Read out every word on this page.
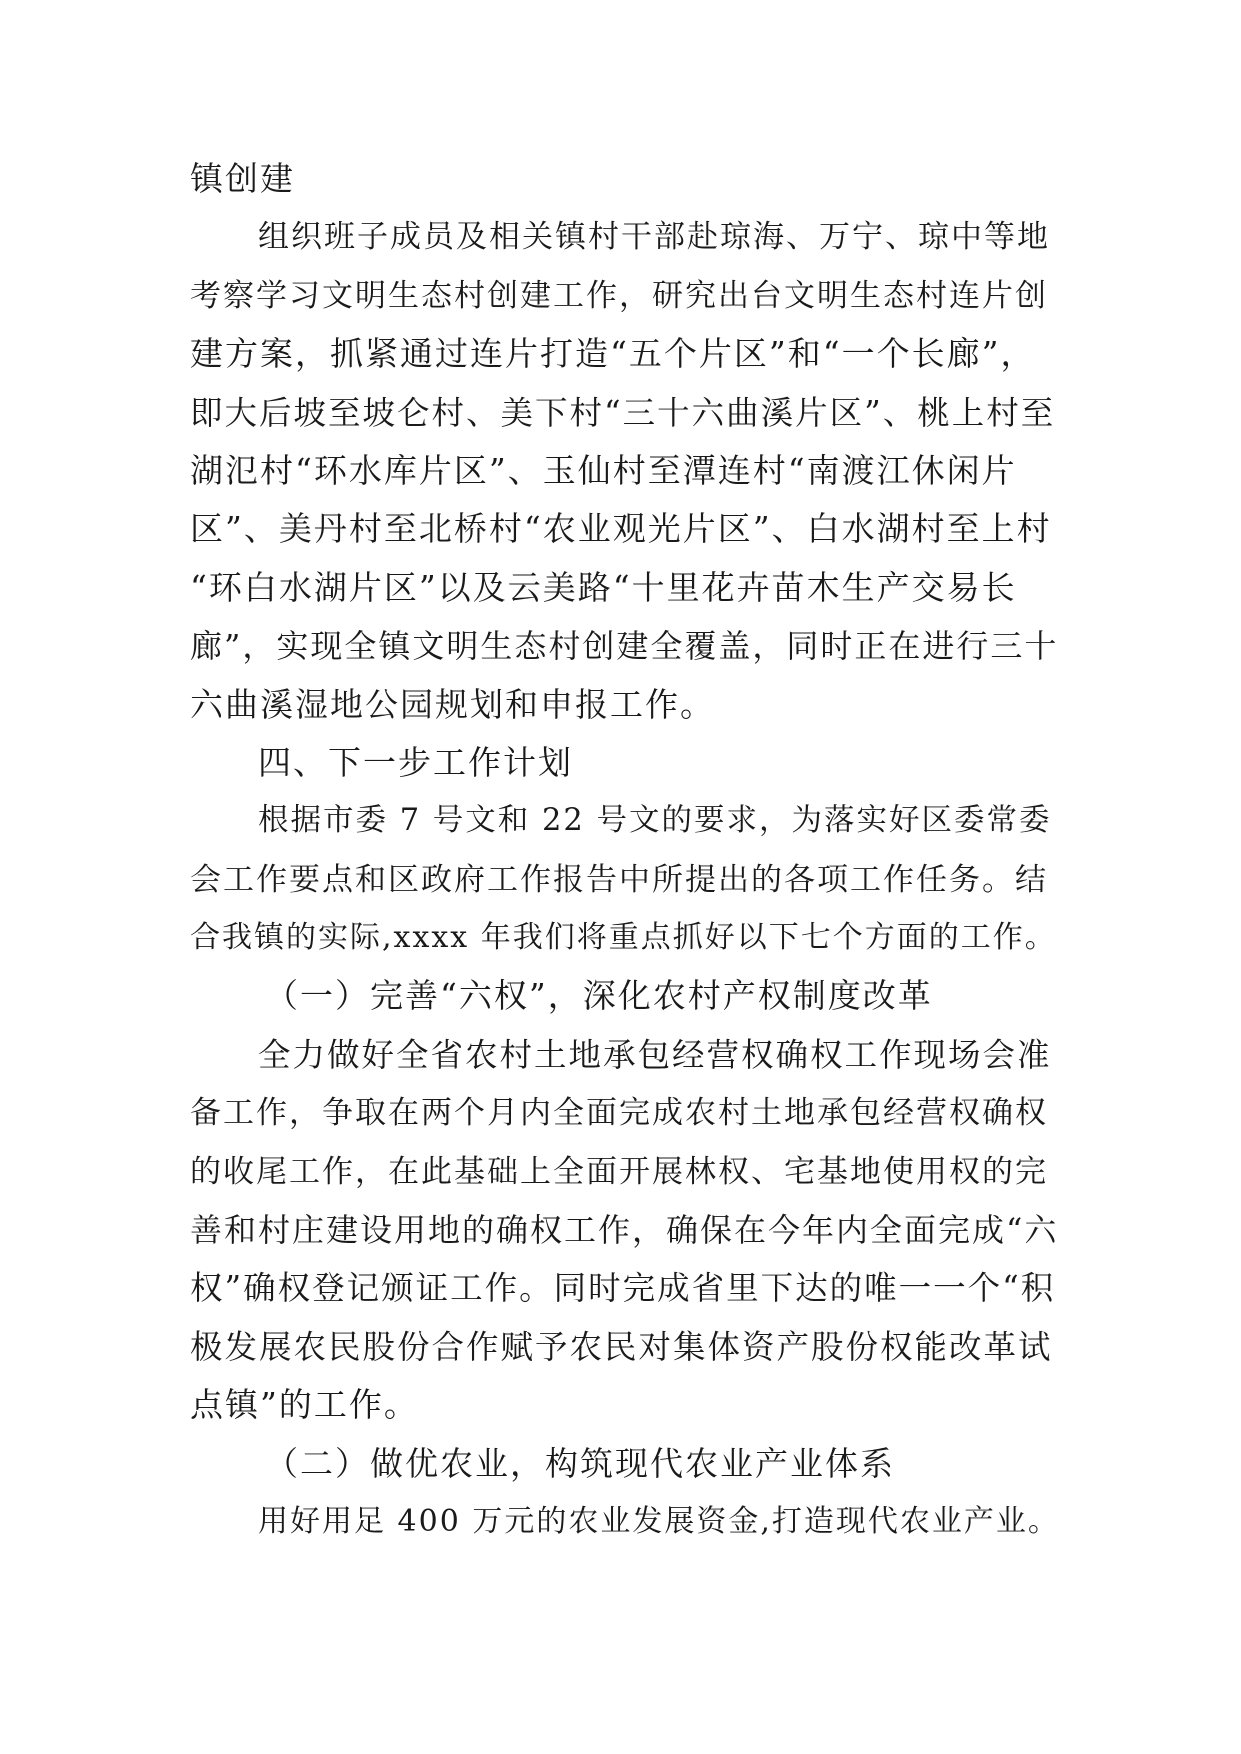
镇创建
组织班子成员及相关镇村干部赴琼海、万宁、琼中等地
考察学习文明生态村创建工作，研究出台文明生态村连片创
建方案，抓紧通过连片打造“五个片区”和“一个长廊”，
即大后坡至坡仑村、美下村“三十六曲溪片区”、桃上村至
湖氾村“环水库片区”、玉仙村至潭连村“南渡江休闲片
区”、美丹村至北桥村“农业观光片区”、白水湖村至上村
“环白水湖片区”以及云美路“十里花卉苗木生产交易长
廊”，实现全镇文明生态村创建全覆盖，同时正在进行三十
六曲溪湿地公园规划和申报工作。
四、下一步工作计划
根据市委 7 号文和 22 号文的要求，为落实好区委常委
会工作要点和区政府工作报告中所提出的各项工作任务。结
合我镇的实际,xxxx 年我们将重点抓好以下七个方面的工作。
（一）完善“六权”，深化农村产权制度改革
全力做好全省农村土地承包经营权确权工作现场会准
备工作，争取在两个月内全面完成农村土地承包经营权确权
的收尾工作，在此基础上全面开展林权、宅基地使用权的完
善和村庄建设用地的确权工作，确保在今年内全面完成“六
权”确权登记颁证工作。同时完成省里下达的唯一一个“积
极发展农民股份合作赋予农民对集体资产股份权能改革试
点镇”的工作。
（二）做优农业，构筑现代农业产业体系
用好用足 400 万元的农业发展资金,打造现代农业产业。
